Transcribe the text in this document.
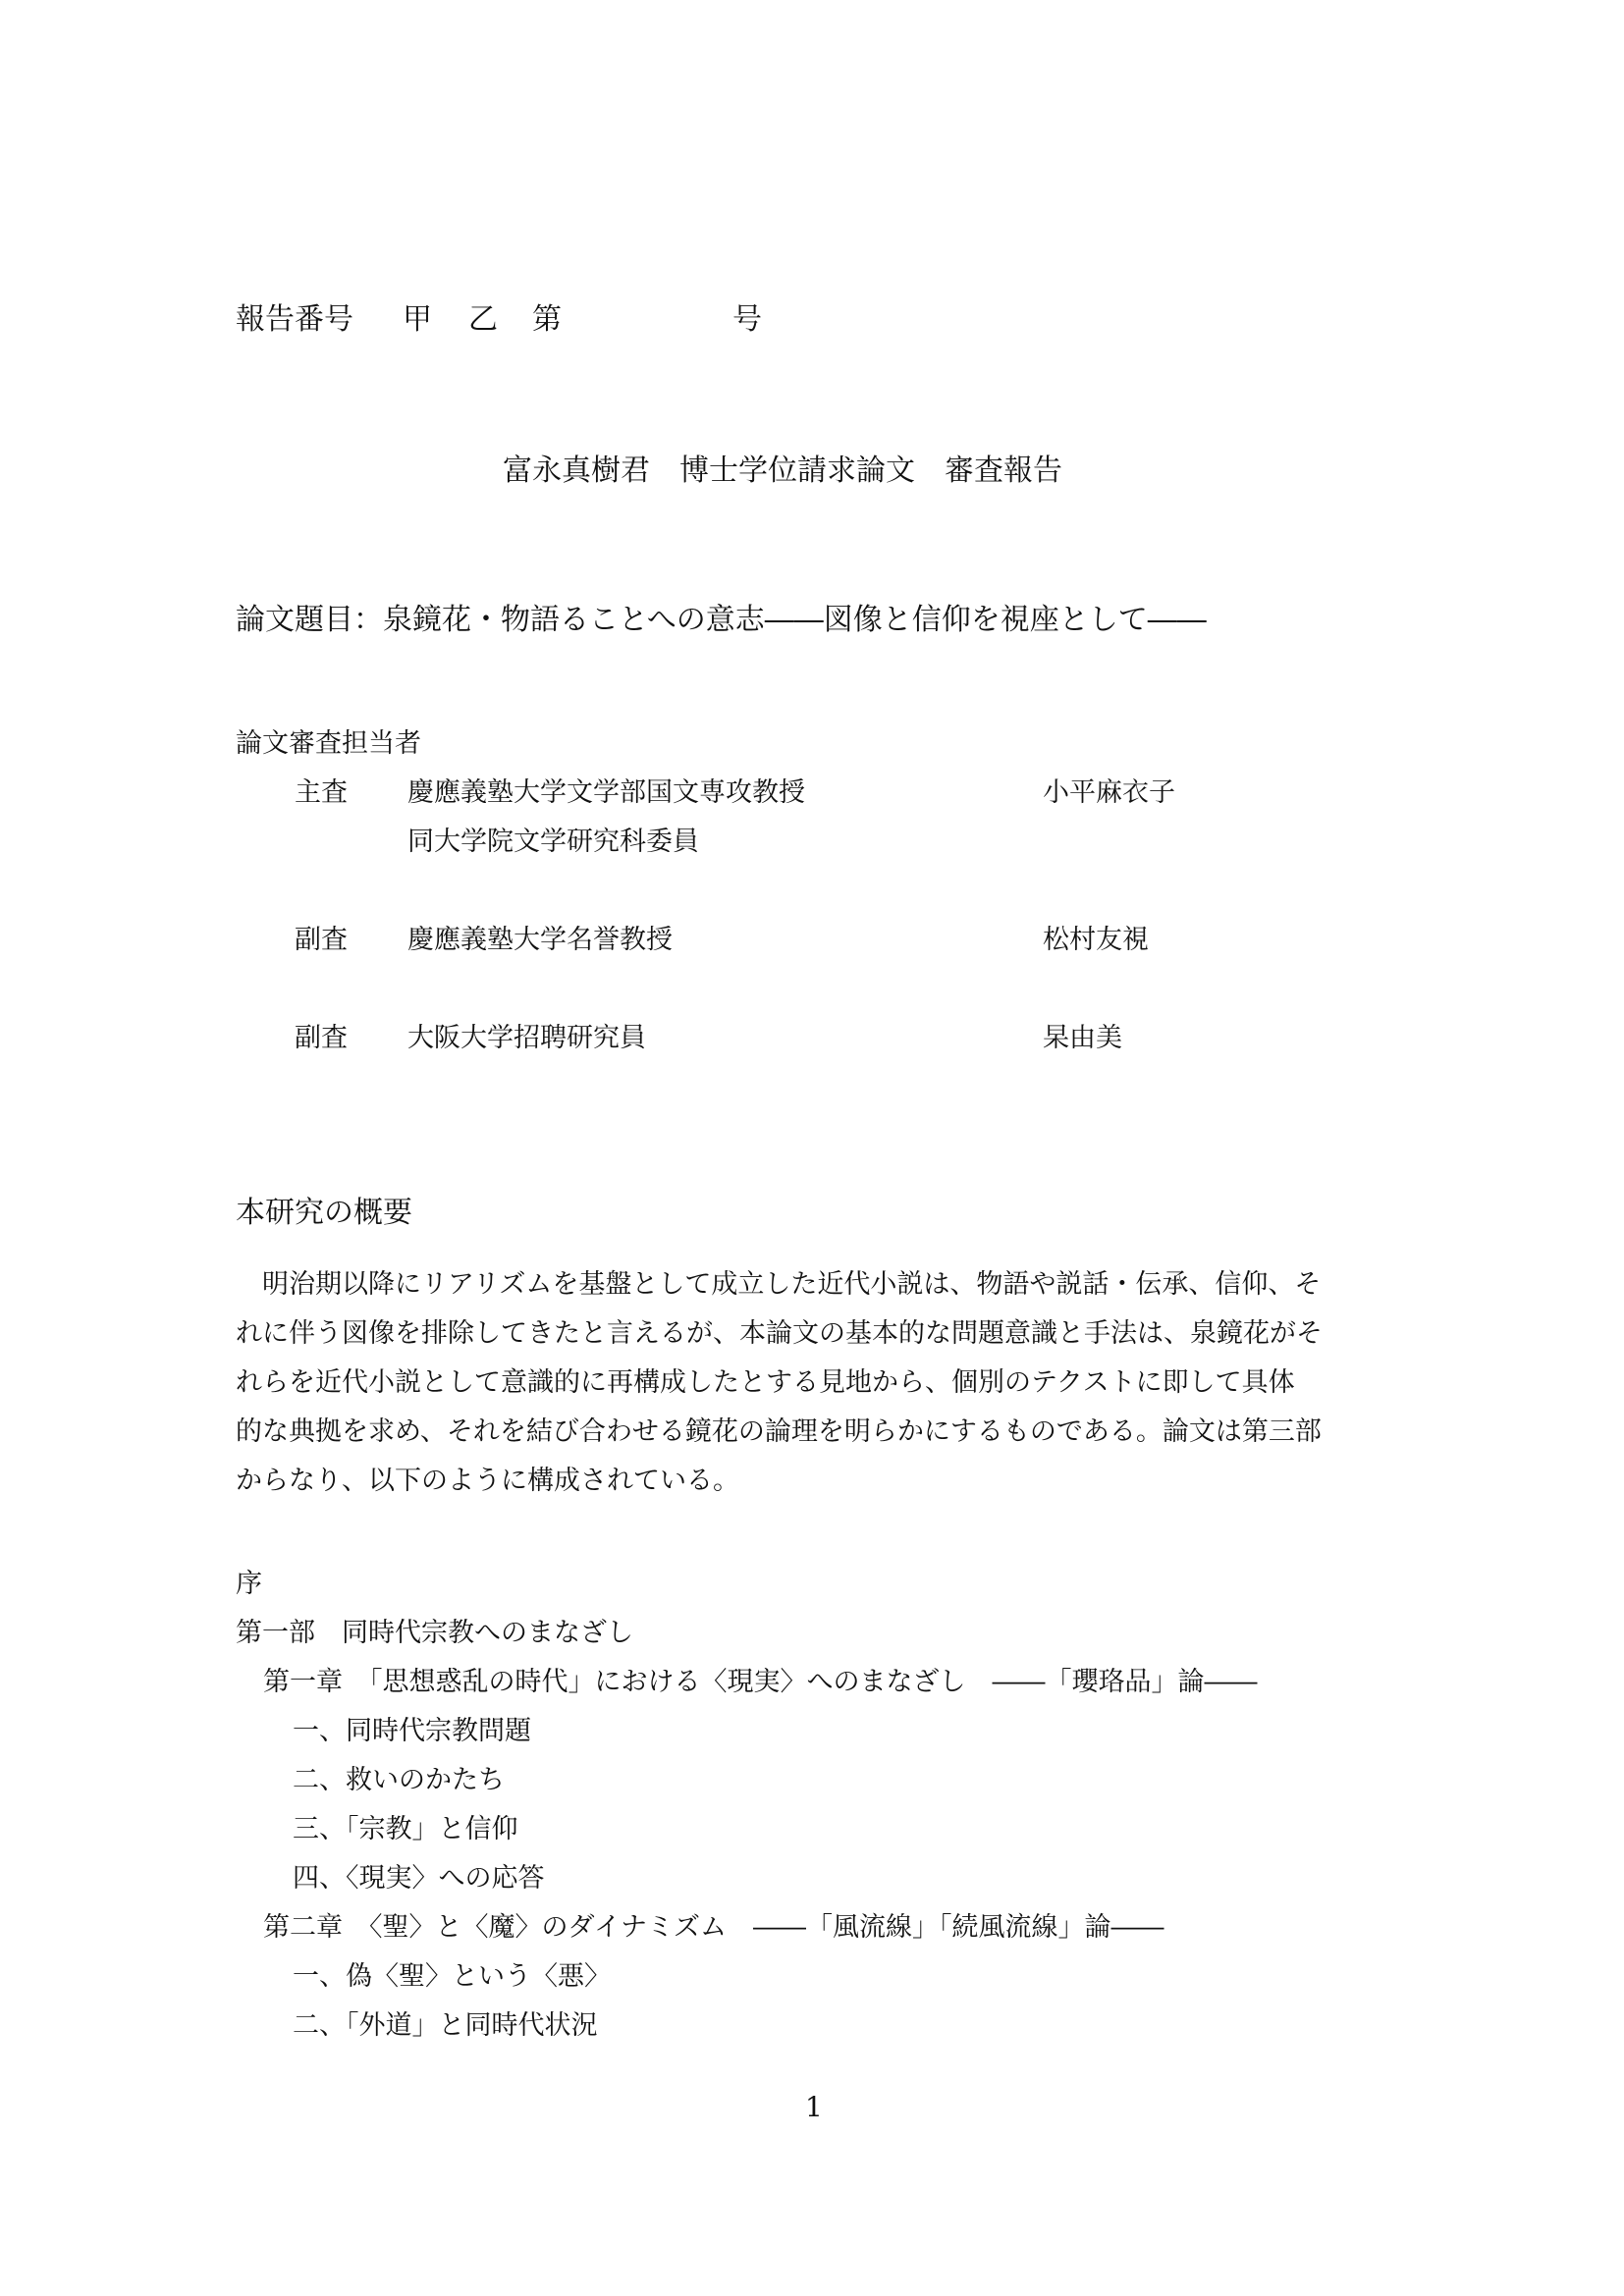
報告番号 甲 乙 第	号
富永真樹君　博士学位請求論文　審査報告
論文題目：泉鏡花・物語ることへの意志――図像と信仰を視座として――
論文審査担当者
主査 慶應義塾大学文学部国文専攻教授	小平麻衣子
同大学院文学研究科委員
副査 慶應義塾大学名誉教授	松村友視
副査 大阪大学招聘研究員	杲由美
本研究の概要
明治期以降にリアリズムを基盤として成立した近代小説は、物語や説話・伝承、信仰、そ
れに伴う図像を排除してきたと言えるが、本論文の基本的な問題意識と手法は、泉鏡花がそ
れらを近代小説として意識的に再構成したとする見地から、個別のテクストに即して具体
的な典拠を求め、それを結び合わせる鏡花の論理を明らかにするものである。論文は第三部
からなり、以下のように構成されている。
序
第一部　同時代宗教へのまなざし
第一章　「思想惑乱の時代」における〈現実〉へのまなざし　――「瓔珞品」論――
一、同時代宗教問題
二、救いのかたち
三、「宗教」と信仰
四、〈現実〉への応答
第二章　〈聖〉と〈魔〉のダイナミズム　――「風流線」「続風流線」論――
一、偽〈聖〉という〈悪〉
二、「外道」と同時代状況
1
